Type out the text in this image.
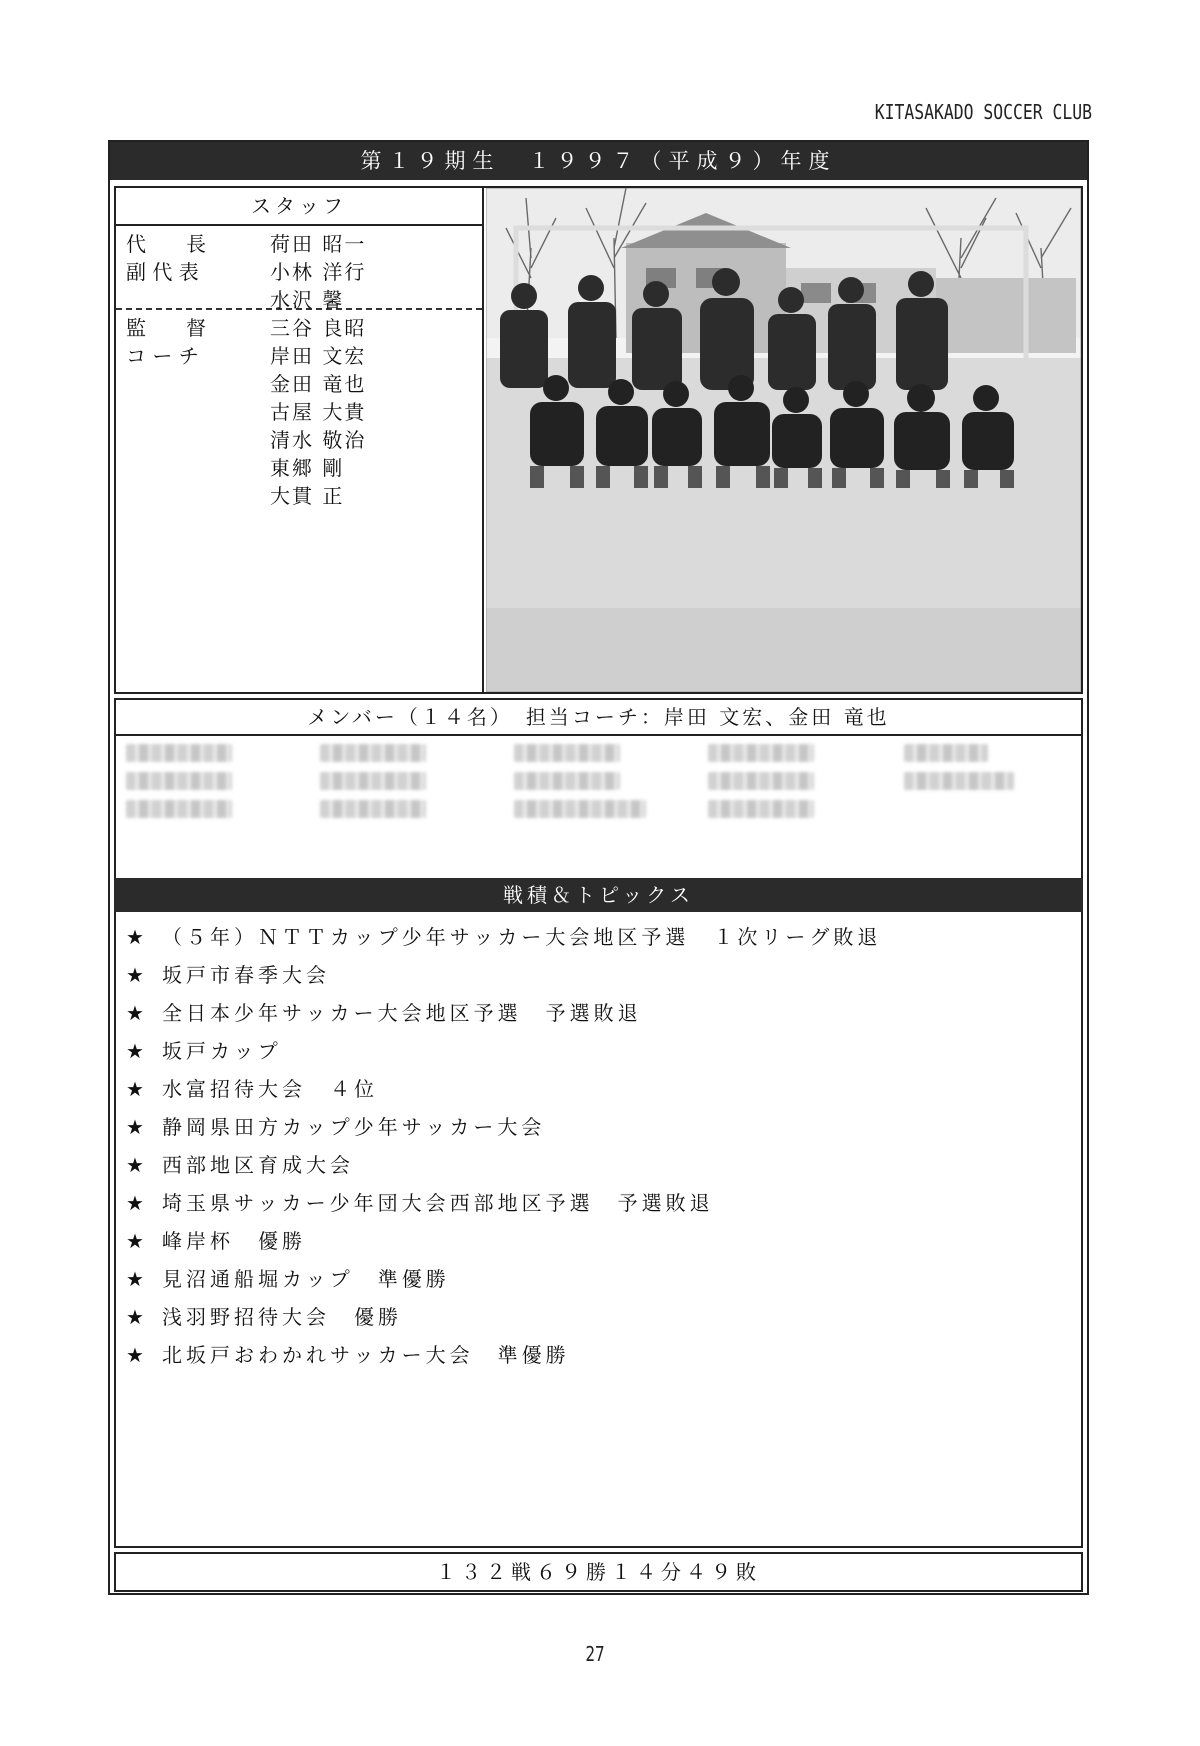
KITASAKADO SOCCER CLUB
第１９期生　１９９７（平成９）年度
スタッフ
代　　長	荷田 昭一
副 代 表	小林 洋行
水沢 馨
監　　督	三谷 良昭
コ ー チ	岸田 文宏
金田 竜也
古屋 大貴
清水 敬治
東郷 剛
大貫 正
メンバー（１４名）　担当コーチ：岸田 文宏、金田 竜也
戦積＆トピックス
★ （５年）ＮＴＴカップ少年サッカー大会地区予選　１次リーグ敗退
★ 坂戸市春季大会
★ 全日本少年サッカー大会地区予選　予選敗退
★ 坂戸カップ
★ 水富招待大会　４位
★ 静岡県田方カップ少年サッカー大会
★ 西部地区育成大会
★ 埼玉県サッカー少年団大会西部地区予選　予選敗退
★ 峰岸杯　優勝
★ 見沼通船堀カップ　準優勝
★ 浅羽野招待大会　優勝
★ 北坂戸おわかれサッカー大会　準優勝
１３２戦６９勝１４分４９敗
27
